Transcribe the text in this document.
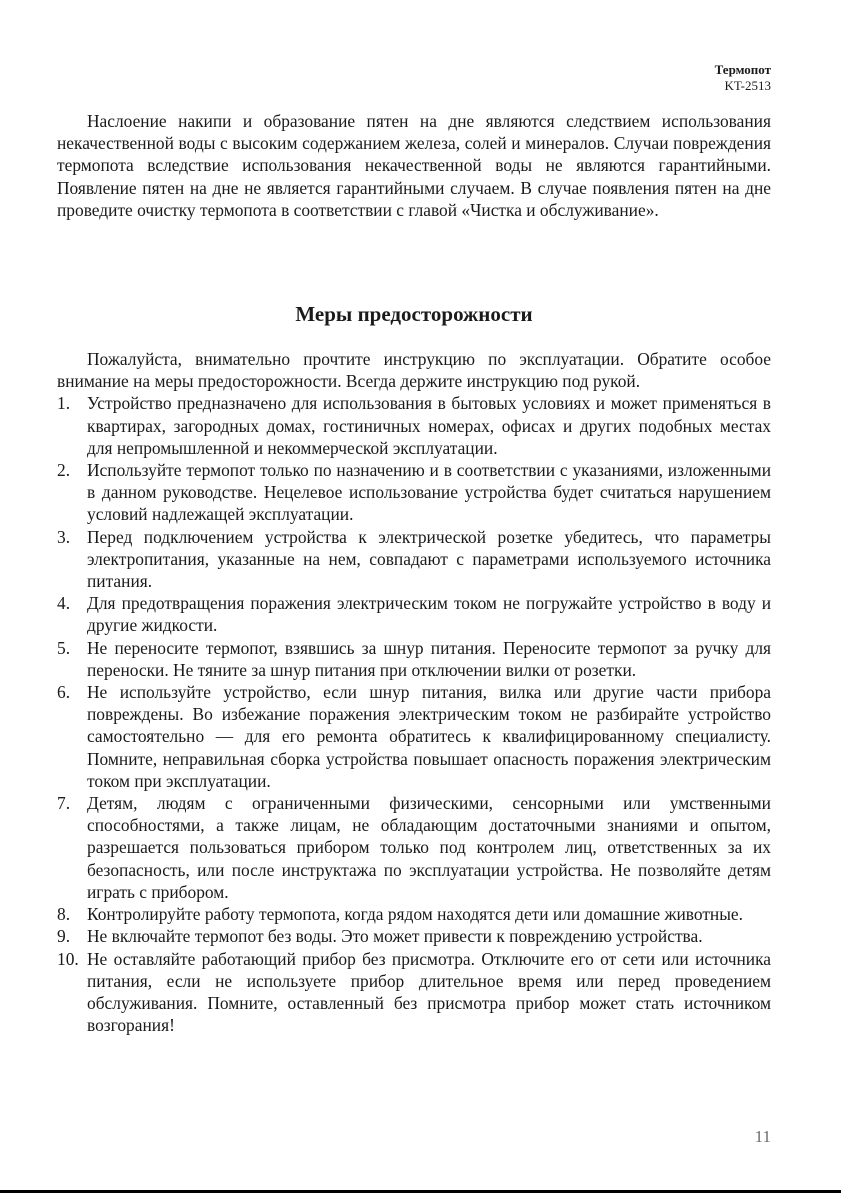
Термопот
KT-2513

Наслоение накипи и образование пятен на дне являются следствием использования некачественной воды с высоким содержанием железа, солей и минералов. Случаи повреждения термопота вследствие использования некачественной воды не являются гарантийными. Появление пятен на дне не является гарантийными случаем. В случае появления пятен на дне проведите очистку термопота в соответствии с главой «Чистка и обслуживание».

Меры предосторожности

Пожалуйста, внимательно прочтите инструкцию по эксплуатации. Обратите особое внимание на меры предосторожности. Всегда держите инструкцию под рукой.

1. Устройство предназначено для использования в бытовых условиях и может применяться в квартирах, загородных домах, гостиничных номерах, офисах и других подобных местах для непромышленной и некоммерческой эксплуатации.
2. Используйте термопот только по назначению и в соответствии с указаниями, изложенными в данном руководстве. Нецелевое использование устройства будет считаться нарушением условий надлежащей эксплуатации.
3. Перед подключением устройства к электрической розетке убедитесь, что параметры электропитания, указанные на нем, совпадают с параметрами используемого источника питания.
4. Для предотвращения поражения электрическим током не погружайте устройство в воду и другие жидкости.
5. Не переносите термопот, взявшись за шнур питания. Переносите термопот за ручку для переноски. Не тяните за шнур питания при отключении вилки от розетки.
6. Не используйте устройство, если шнур питания, вилка или другие части прибора повреждены. Во избежание поражения электрическим током не разбирайте устройство самостоятельно — для его ремонта обратитесь к квалифицированному специалисту. Помните, неправильная сборка устройства повышает опасность поражения электрическим током при эксплуатации.
7. Детям, людям с ограниченными физическими, сенсорными или умственными способностями, а также лицам, не обладающим достаточными знаниями и опытом, разрешается пользоваться прибором только под контролем лиц, ответственных за их безопасность, или после инструктажа по эксплуатации устройства. Не позволяйте детям играть с прибором.
8. Контролируйте работу термопота, когда рядом находятся дети или домашние животные.
9. Не включайте термопот без воды. Это может привести к повреждению устройства.
10. Не оставляйте работающий прибор без присмотра. Отключите его от сети или источника питания, если не используете прибор длительное время или перед проведением обслуживания. Помните, оставленный без присмотра прибор может стать источником возгорания!
11
